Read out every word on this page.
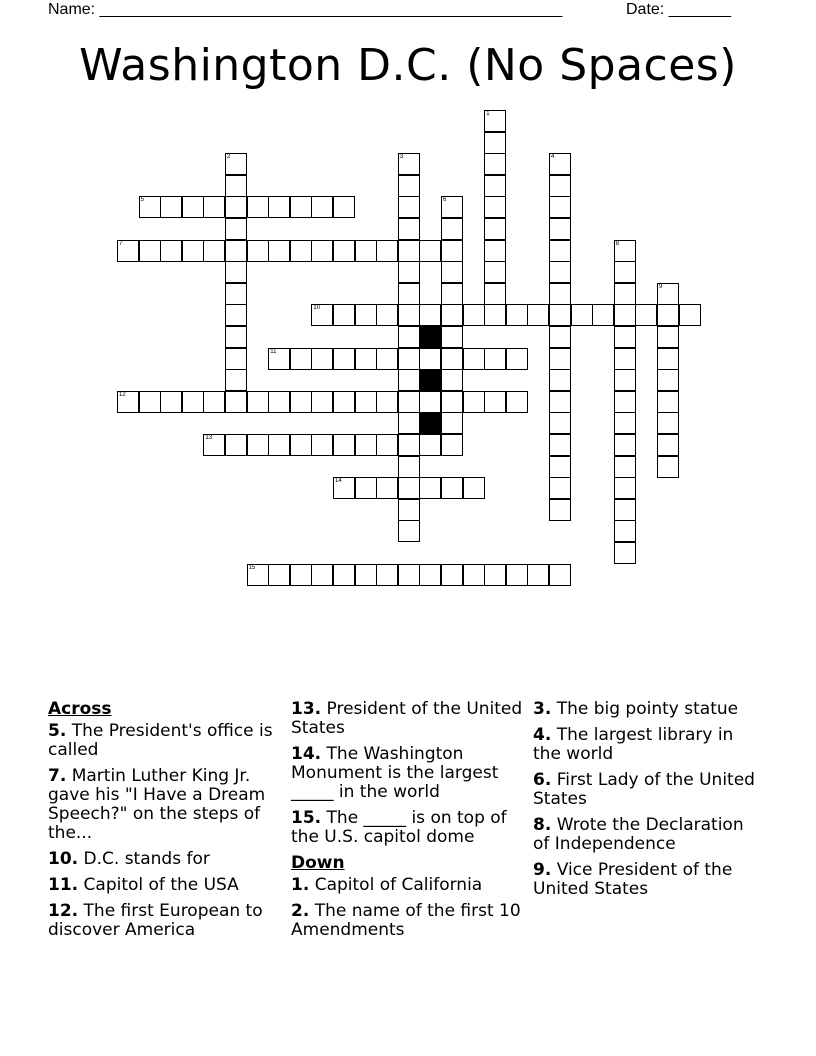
Name: ____________________________________________________	Date: _______
Washington D.C. (No Spaces)
5
7
10
11
12
13
14
15
1
2	3	4
6
8
9
Across
5. The President's office is called
7. Martin Luther King Jr. gave his "I Have a Dream Speech?" on the steps of the...
10. D.C. stands for
11. Capitol of the USA
12. The first European to discover America
13. President of the United States
14. The Washington Monument is the largest _____ in the world
15. The _____ is on top of the U.S. capitol dome
Down
1. Capitol of California
2. The name of the first 10 Amendments
3. The big pointy statue
4. The largest library in the world
6. First Lady of the United States
8. Wrote the Declaration of Independence
9. Vice President of the United States
